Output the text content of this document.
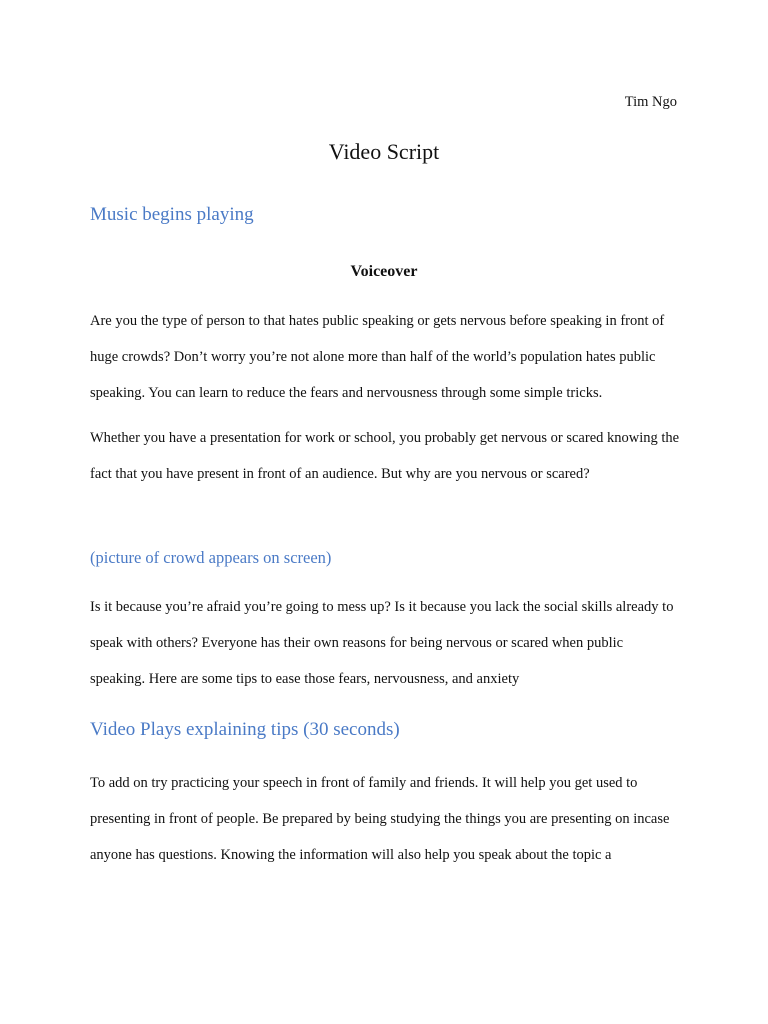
Tim Ngo
Video Script
Music begins playing
Voiceover

Are you the type of person to that hates public speaking or gets nervous before speaking in front of huge crowds? Don’t worry you’re not alone more than half of the world’s population hates public speaking. You can learn to reduce the fears and nervousness through some simple tricks.

Whether you have a presentation for work or school, you probably get nervous or scared knowing the fact that you have present in front of an audience. But why are you nervous or scared?

(picture of crowd appears on screen)

Is it because you’re afraid you’re going to mess up? Is it because you lack the social skills already to speak with others? Everyone has their own reasons for being nervous or scared when public speaking. Here are some tips to ease those fears, nervousness, and anxiety

Video Plays explaining tips (30 seconds)

To add on try practicing your speech in front of family and friends. It will help you get used to presenting in front of people. Be prepared by being studying the things you are presenting on incase anyone has questions. Knowing the information will also help you speak about the topic a
